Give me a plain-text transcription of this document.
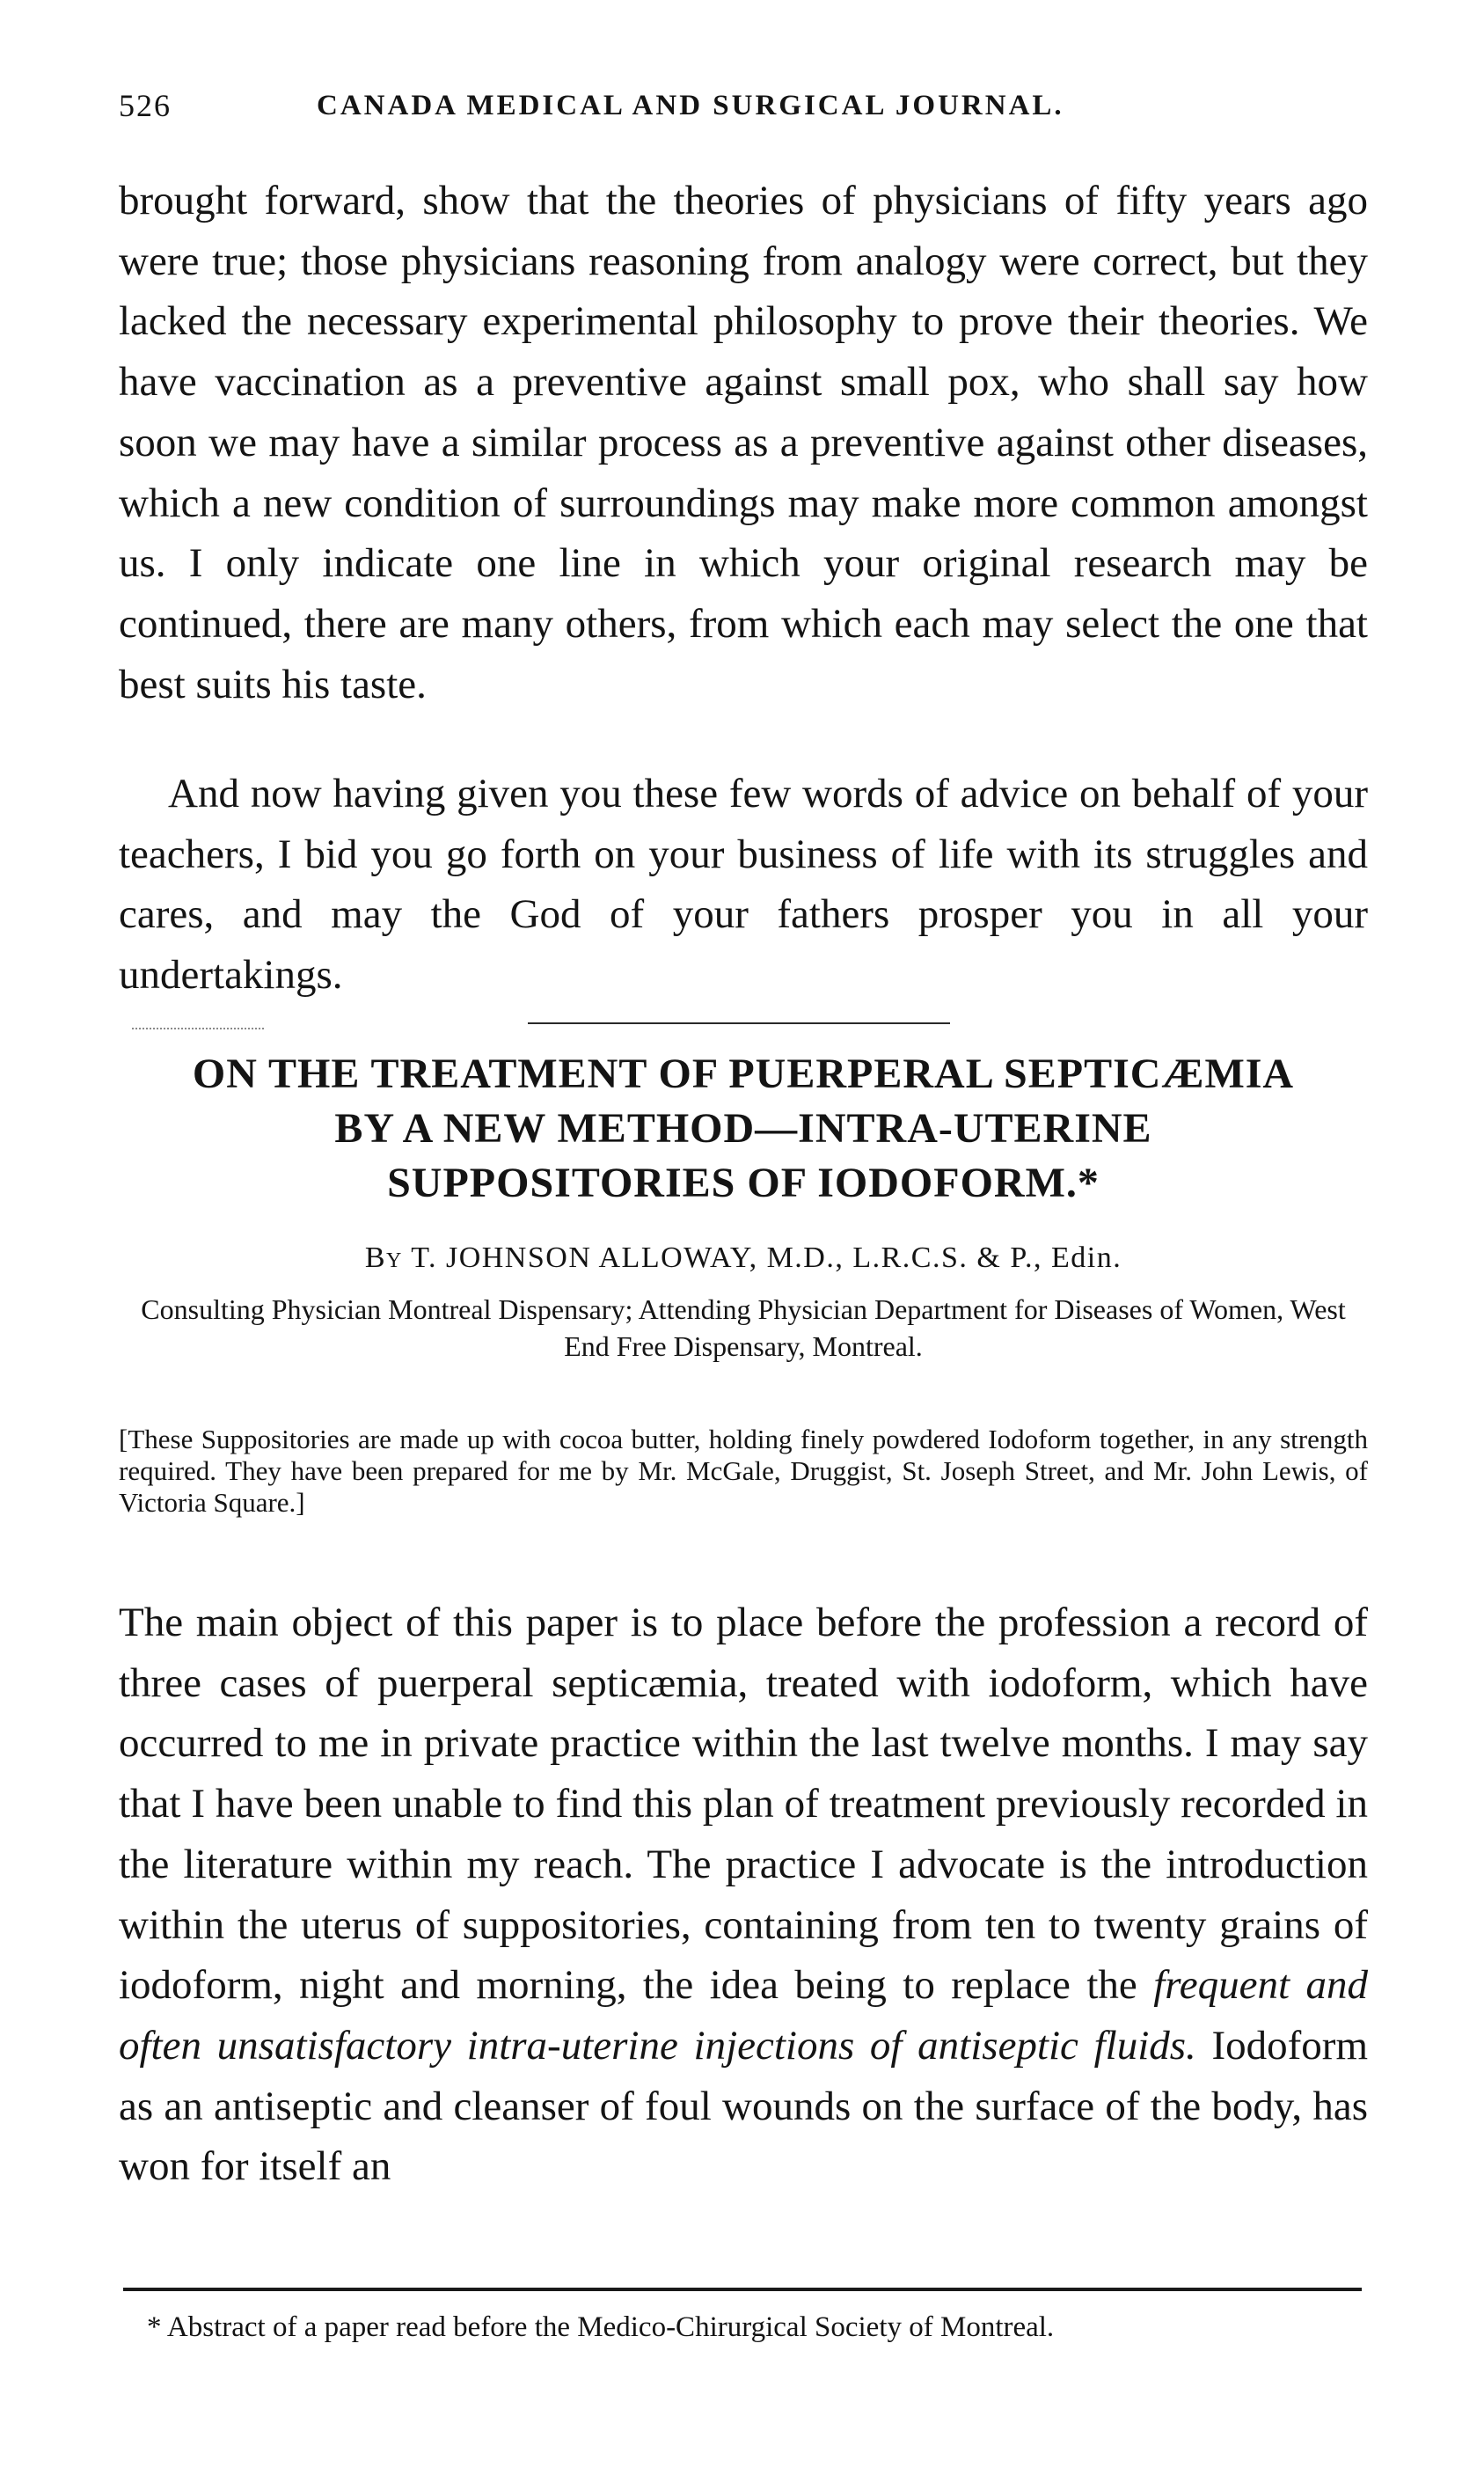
526	CANADA MEDICAL AND SURGICAL JOURNAL.

brought forward, show that the theories of physicians of fifty years ago were true; those physicians reasoning from analogy were correct, but they lacked the necessary experimental philosophy to prove their theories. We have vaccination as a preventive against small pox, who shall say how soon we may have a similar process as a preventive against other diseases, which a new condition of surroundings may make more common amongst us. I only indicate one line in which your original research may be continued, there are many others, from which each may select the one that best suits his taste.

And now having given you these few words of advice on behalf of your teachers, I bid you go forth on your business of life with its struggles and cares, and may the God of your fathers prosper you in all your undertakings.

ON THE TREATMENT OF PUERPERAL SEPTICÆMIA
BY A NEW METHOD—INTRA-UTERINE
SUPPOSITORIES OF IODOFORM.*

By T. JOHNSON ALLOWAY, M.D., L.R.C.S. & P., Edin.

Consulting Physician Montreal Dispensary; Attending Physician Department for Diseases of Women, West End Free Dispensary, Montreal.

[These Suppositories are made up with cocoa butter, holding finely powdered Iodoform together, in any strength required. They have been prepared for me by Mr. McGale, Druggist, St. Joseph Street, and Mr. John Lewis, of Victoria Square.]

The main object of this paper is to place before the profession a record of three cases of puerperal septicæmia, treated with iodoform, which have occurred to me in private practice within the last twelve months. I may say that I have been unable to find this plan of treatment previously recorded in the literature within my reach. The practice I advocate is the introduction within the uterus of suppositories, containing from ten to twenty grains of iodoform, night and morning, the idea being to replace the frequent and often unsatisfactory intra-uterine injections of antiseptic fluids. Iodoform as an antiseptic and cleanser of foul wounds on the surface of the body, has won for itself an

* Abstract of a paper read before the Medico-Chirurgical Society of Montreal.
